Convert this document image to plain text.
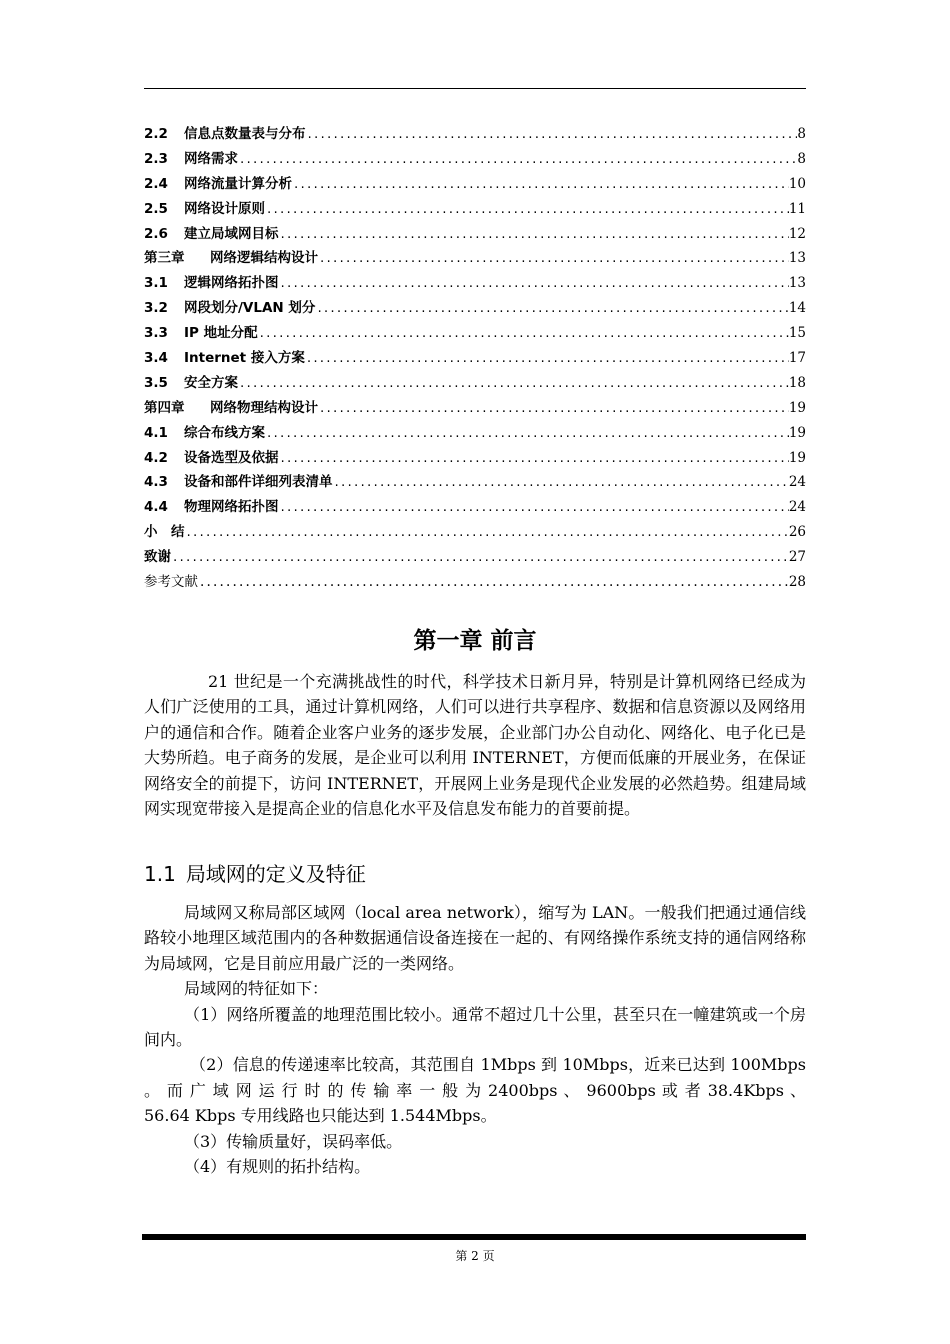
2.2	信息点数量表与分布 .....	8
2.3	网络需求 .....	8
2.4	网络流量计算分析 .....	10
2.5	网络设计原则 .....	11
2.6	建立局域网目标 .....	12
第三章	网络逻辑结构设计 .....	13
3.1	逻辑网络拓扑图 .....	13
3.2	网段划分/VLAN 划分 .....	14
3.3	IP 地址分配 .....	15
3.4	Internet 接入方案 .....	17
3.5	安全方案 .....	18
第四章	网络物理结构设计 .....	19
4.1	综合布线方案 .....	19
4.2	设备选型及依据 .....	19
4.3	设备和部件详细列表清单 .....	24
4.4	物理网络拓扑图 .....	24
小　结 .....	26
致谢 .....	27
参考文献 .....	28
第一章 前言

21 世纪是一个充满挑战性的时代，科学技术日新月异，特别是计算机网络已经成为人们广泛使用的工具，通过计算机网络，人们可以进行共享程序、数据和信息资源以及网络用户的通信和合作。随着企业客户业务的逐步发展，企业部门办公自动化、网络化、电子化已是大势所趋。电子商务的发展，是企业可以利用 INTERNET，方便而低廉的开展业务，在保证网络安全的前提下，访问 INTERNET，开展网上业务是现代企业发展的必然趋势。组建局域网实现宽带接入是提高企业的信息化水平及信息发布能力的首要前提。

1.1 局域网的定义及特征

局域网又称局部区域网（local area network），缩写为 LAN。一般我们把通过通信线路较小地理区域范围内的各种数据通信设备连接在一起的、有网络操作系统支持的通信网络称为局域网，它是目前应用最广泛的一类网络。

局域网的特征如下：

（1）网络所覆盖的地理范围比较小。通常不超过几十公里，甚至只在一幢建筑或一个房间内。

（2）信息的传递速率比较高，其范围自 1Mbps 到 10Mbps，近来已达到 100Mbps 。 而 广 域 网 运 行 时 的 传 输 率 一 般 为 2400bps 、 9600bps 或 者 38.4Kbps 、56.64 Kbps 专用线路也只能达到 1.544Mbps。

（3）传输质量好，误码率低。

（4）有规则的拓扑结构。

第 2 页
